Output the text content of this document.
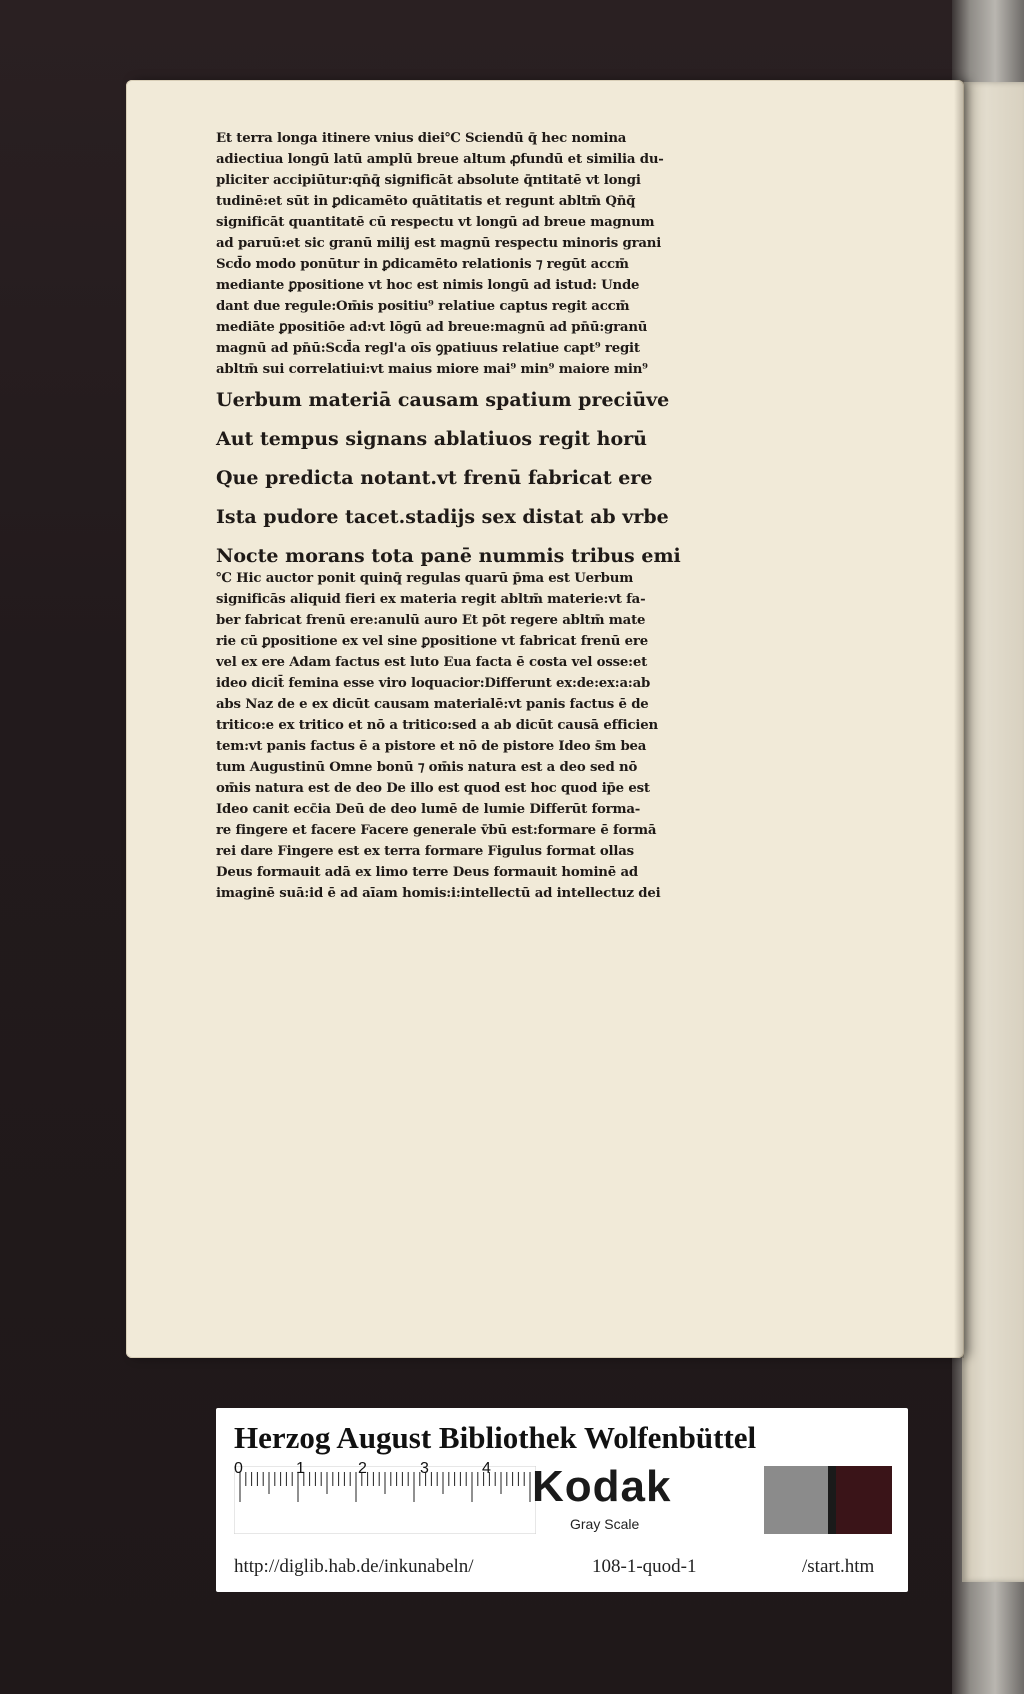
Et terra longa itinere vnius diei℃ Sciendū q̄ hec nomina

adiectiua longū latū amplū breue altum ꝓfundū et similia du-

pliciter accipiūtur:qn̄q̄ significāt absolute q̄ntitatē vt longi

tudinē:et sūt in ꝑdicamēto quātitatis et regunt abltm̄ Qn̄q̄

significāt quantitatē cū respectu vt longū ad breue magnum

ad paruū:et sic granū milij est magnū respectu minoris grani

Scd̄o modo ponūtur in ꝑdicamēto relationis ⁊ regūt accm̄

mediante ꝑpositione vt hoc est nimis longū ad istud: Unde

dant due regule:Om̄is positiu⁹ relatiue captus regit accm̄

mediāte ꝑpositiōe ad:vt lōgū ad breue:magnū ad pn̄ū:granū

magnū ad pn̄ū:Scd̄a regl'a oīs ꝯpatiuus relatiue capt⁹ regit

abltm̄ sui correlatiui:vt maius miore mai⁹ min⁹ maiore min⁹

Uerbum materiā causam spatium preciūve

Aut tempus signans ablatiuos regit horū

Que predicta notant.vt frenū fabricat ere

Ista pudore tacet.stadijs sex distat ab vrbe

Nocte morans tota panē nummis tribus emi

℃ Hic auctor ponit quinq̄ regulas quarū p̄ma est Uerbum

significās aliquid fieri ex materia regit abltm̄ materie:vt fa-

ber fabricat frenū ere:anulū auro Et pōt regere abltm̄ mate

rie cū ꝑpositione ex vel sine ꝑpositione vt fabricat frenū ere

vel ex ere Adam factus est luto Eua facta ē costa vel osse:et

ideo dicit̄ femina esse viro loquacior:Differunt ex:de:ex:a:ab

abs Naz de e ex dicūt causam materialē:vt panis factus ē de

tritico:e ex tritico et nō a tritico:sed a ab dicūt causā efficien

tem:vt panis factus ē a pistore et nō de pistore Ideo s̄m bea

tum Augustinū Omne bonū ⁊ om̄is natura est a deo sed nō

om̄is natura est de deo De illo est quod est hoc quod ip̄e est

Ideo canit ecc̄ia Deū de deo lumē de lumie Differūt forma-

re fingere et facere Facere generale v̄bū est:formare ē formā

rei dare Fingere est ex terra formare Figulus format ollas

Deus formauit adā ex limo terre Deus formauit hominē ad

imaginē suā:id ē ad aīam homis:i:intellectū ad intellectuz dei

Herzog August Bibliothek Wolfenbüttel
0	1	2	3	4 Kodak
Gray Scale
http://diglib.hab.de/inkunabeln/	108-1-quod-1	/start.htm
